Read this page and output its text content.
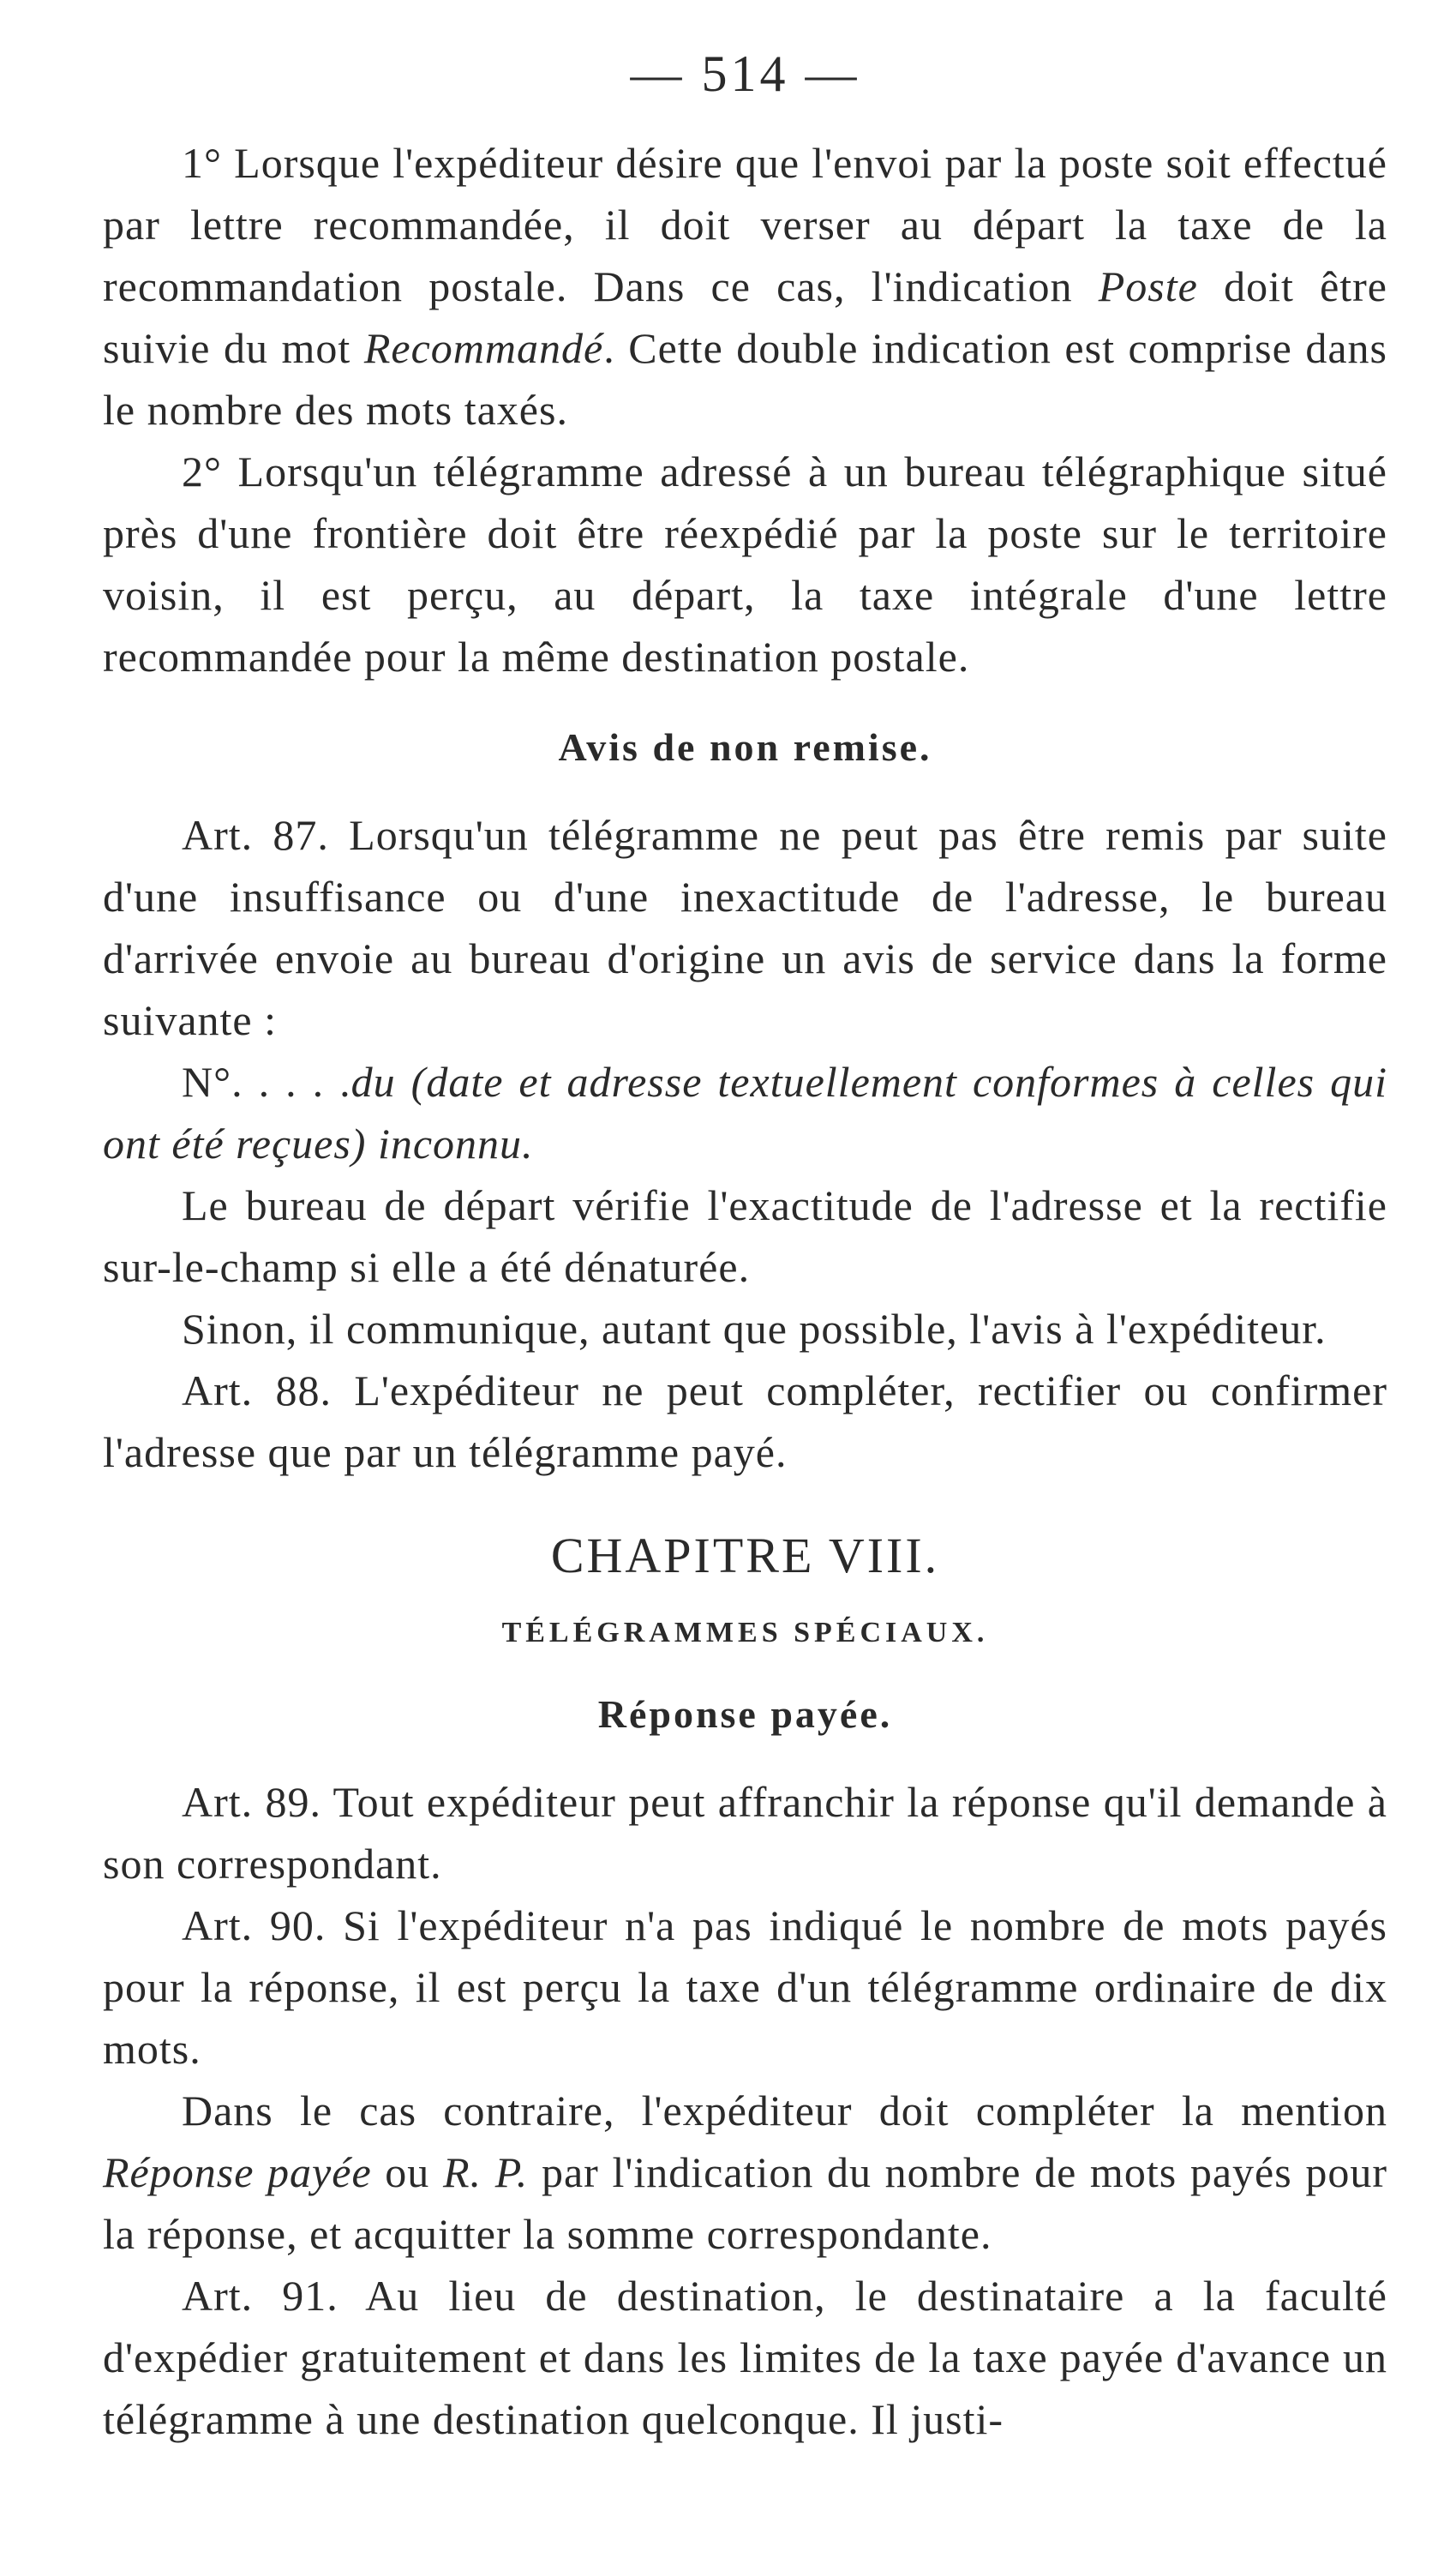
— 514 —

1° Lorsque l'expéditeur désire que l'envoi par la poste soit effectué par lettre recommandée, il doit verser au départ la taxe de la recommandation postale. Dans ce cas, l'indication Poste doit être suivie du mot Recommandé. Cette double indication est comprise dans le nombre des mots taxés.

2° Lorsqu'un télégramme adressé à un bureau télégraphique situé près d'une frontière doit être réexpédié par la poste sur le territoire voisin, il est perçu, au départ, la taxe intégrale d'une lettre recommandée pour la même destination postale.

Avis de non remise.

Art. 87. Lorsqu'un télégramme ne peut pas être remis par suite d'une insuffisance ou d'une inexactitude de l'adresse, le bureau d'arrivée envoie au bureau d'origine un avis de service dans la forme suivante :

N°. . . . .du (date et adresse textuellement conformes à celles qui ont été reçues) inconnu.

Le bureau de départ vérifie l'exactitude de l'adresse et la rectifie sur-le-champ si elle a été dénaturée.

Sinon, il communique, autant que possible, l'avis à l'expéditeur.

Art. 88. L'expéditeur ne peut compléter, rectifier ou confirmer l'adresse que par un télégramme payé.

CHAPITRE VIII.
TÉLÉGRAMMES SPÉCIAUX.
Réponse payée.

Art. 89. Tout expéditeur peut affranchir la réponse qu'il demande à son correspondant.

Art. 90. Si l'expéditeur n'a pas indiqué le nombre de mots payés pour la réponse, il est perçu la taxe d'un télégramme ordinaire de dix mots.

Dans le cas contraire, l'expéditeur doit compléter la mention Réponse payée ou R. P. par l'indication du nombre de mots payés pour la réponse, et acquitter la somme correspondante.

Art. 91. Au lieu de destination, le destinataire a la faculté d'expédier gratuitement et dans les limites de la taxe payée d'avance un télégramme à une destination quelconque. Il justi-
